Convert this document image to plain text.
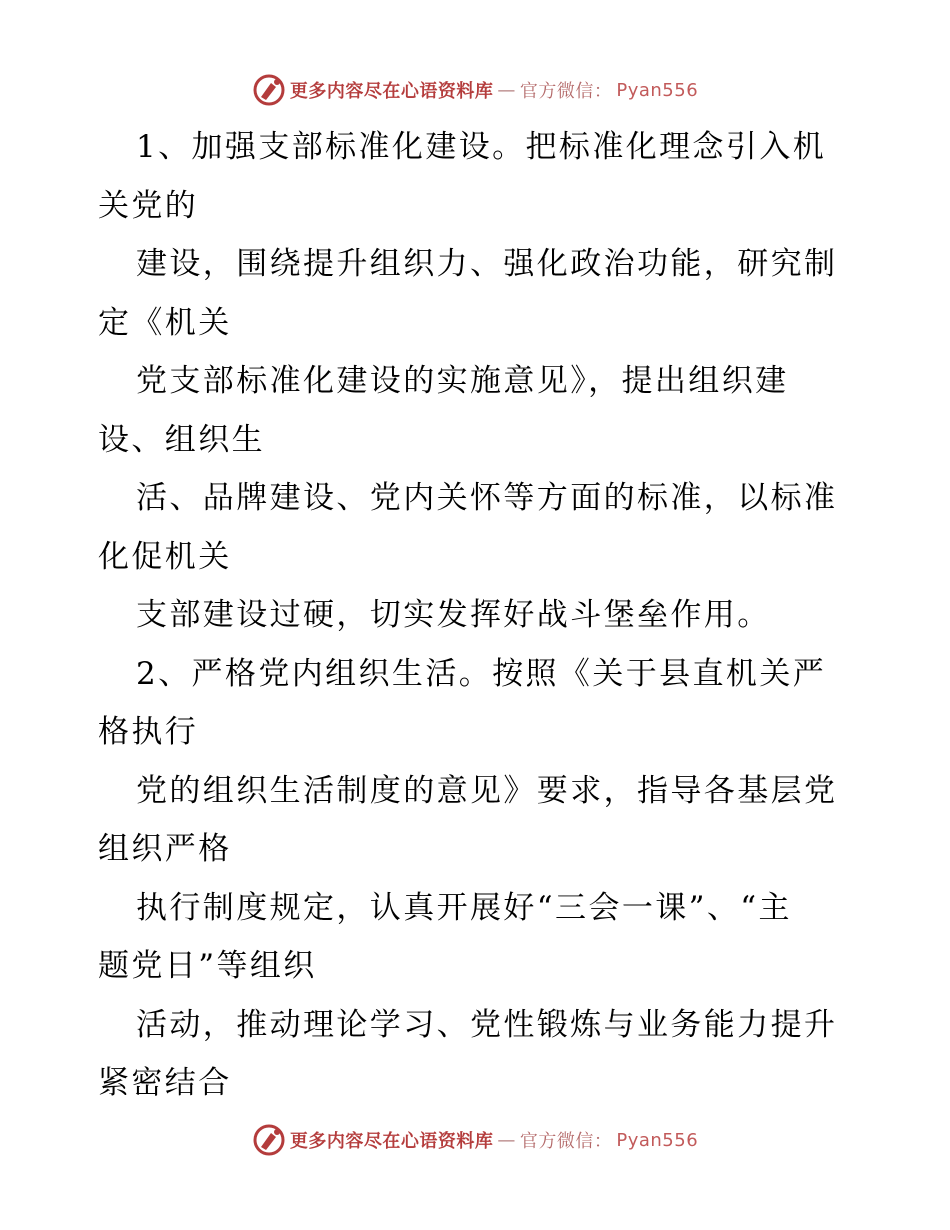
更多内容尽在心语资料库 — 官方微信： Pyan556
1、加强支部标准化建设。把标准化理念引入机
关党的
建设，围绕提升组织力、强化政治功能，研究制
定《机关
党支部标准化建设的实施意见》，提出组织建
设、组织生
活、品牌建设、党内关怀等方面的标准，以标准
化促机关
支部建设过硬，切实发挥好战斗堡垒作用。
2、严格党内组织生活。按照《关于县直机关严
格执行
党的组织生活制度的意见》要求，指导各基层党
组织严格
执行制度规定，认真开展好“三会一课”、“主
题党日”等组织
活动，推动理论学习、党性锻炼与业务能力提升
紧密结合
更多内容尽在心语资料库 — 官方微信： Pyan556
